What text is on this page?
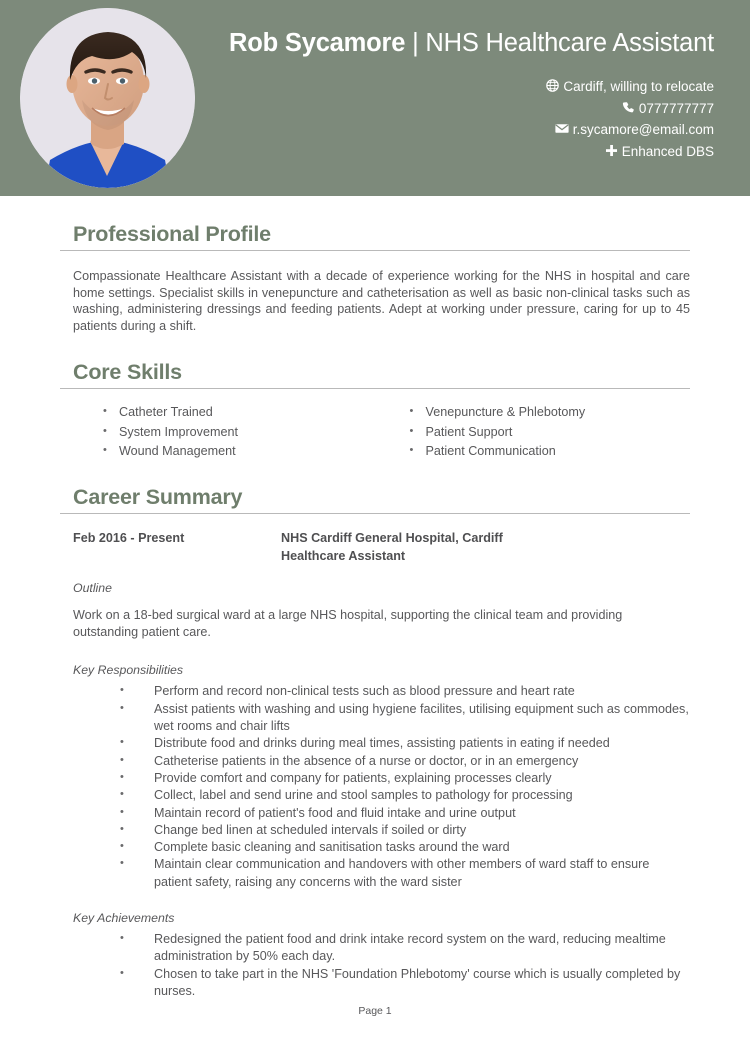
Rob Sycamore | NHS Healthcare Assistant
Cardiff, willing to relocate
0777777777
r.sycamore@email.com
Enhanced DBS
Professional Profile

Compassionate Healthcare Assistant with a decade of experience working for the NHS in hospital and care home settings. Specialist skills in venepuncture and catheterisation as well as basic non-clinical tasks such as washing, administering dressings and feeding patients. Adept at working under pressure, caring for up to 45 patients during a shift.

Core Skills
• Catheter Trained
• System Improvement
• Wound Management
• Venepuncture & Phlebotomy
• Patient Support
• Patient Communication
Career Summary
Feb 2016 - Present	NHS Cardiff General Hospital, Cardiff
Healthcare Assistant
Outline

Work on a 18-bed surgical ward at a large NHS hospital, supporting the clinical team and providing outstanding patient care.

Key Responsibilities
• Perform and record non-clinical tests such as blood pressure and heart rate
• Assist patients with washing and using hygiene facilites, utilising equipment such as commodes, wet rooms and chair lifts
• Distribute food and drinks during meal times, assisting patients in eating if needed
• Catheterise patients in the absence of a nurse or doctor, or in an emergency
• Provide comfort and company for patients, explaining processes clearly
• Collect, label and send urine and stool samples to pathology for processing
• Maintain record of patient's food and fluid intake and urine output
• Change bed linen at scheduled intervals if soiled or dirty
• Complete basic cleaning and sanitisation tasks around the ward
• Maintain clear communication and handovers with other members of ward staff to ensure patient safety, raising any concerns with the ward sister
Key Achievements
• Redesigned the patient food and drink intake record system on the ward, reducing mealtime administration by 50% each day.
• Chosen to take part in the NHS 'Foundation Phlebotomy' course which is usually completed by nurses.
Page 1
